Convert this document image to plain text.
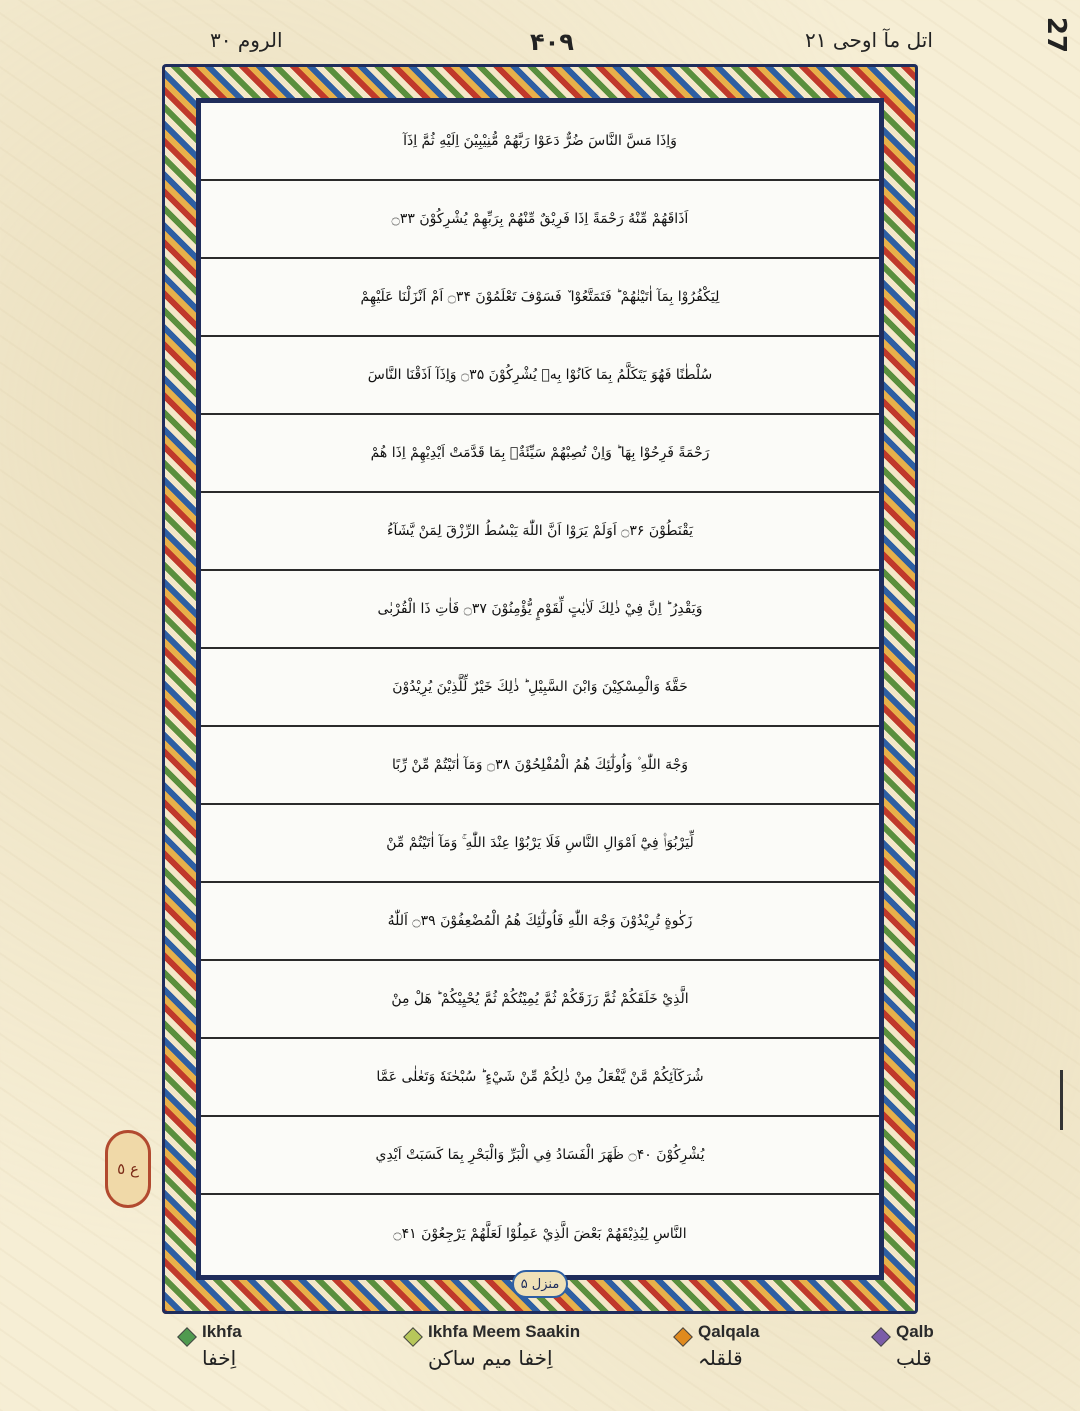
الروم ۳۰	۴۰۹	اتل مآ اوحی ۲۱	27
وَاِذَا مَسَّ النَّاسَ ضُرٌّ دَعَوْا رَبَّهُمْ مُّنِيْبِيْنَ اِلَيْهِ ثُمَّ اِذَآ
اَذَاقَهُمْ مِّنْهُ رَحْمَةً اِذَا فَرِيْقٌ مِّنْهُمْ بِرَبِّهِمْ يُشْرِكُوْنَ ۝۳۳
لِيَكْفُرُوْا بِمَآ اٰتَيْنٰهُمْ ؕ فَتَمَتَّعُوْا ٚ فَسَوْفَ تَعْلَمُوْنَ ۝۳۴ اَمْ اَنْزَلْنَا عَلَيْهِمْ
سُلْطٰنًا فَهُوَ يَتَكَلَّمُ بِمَا كَانُوْا بِهٖ يُشْرِكُوْنَ ۝۳۵ وَاِذَآ اَذَقْنَا النَّاسَ
رَحْمَةً فَرِحُوْا بِهَا ؕ وَاِنْ تُصِبْهُمْ سَيِّئَةٌۢ بِمَا قَدَّمَتْ اَيْدِيْهِمْ اِذَا هُمْ
يَقْنَطُوْنَ ۝۳۶ اَوَلَمْ يَرَوْا اَنَّ اللّٰهَ يَبْسُطُ الرِّزْقَ لِمَنْ يَّشَآءُ
وَيَقْدِرُ ؕ اِنَّ فِيْ ذٰلِكَ لَاٰيٰتٍ لِّقَوْمٍ يُّؤْمِنُوْنَ ۝۳۷ فَاٰتِ ذَا الْقُرْبٰى
حَقَّهٗ وَالْمِسْكِيْنَ وَابْنَ السَّبِيْلِ ؕ ذٰلِكَ خَيْرٌ لِّلَّذِيْنَ يُرِيْدُوْنَ
وَجْهَ اللّٰهِ ۫ وَاُولٰٓئِكَ هُمُ الْمُفْلِحُوْنَ ۝۳۸ وَمَآ اٰتَيْتُمْ مِّنْ رِّبًا
لِّيَرْبُوَا۠ فِيْٓ اَمْوَالِ النَّاسِ فَلَا يَرْبُوْا عِنْدَ اللّٰهِ ۚ وَمَآ اٰتَيْتُمْ مِّنْ
زَكٰوةٍ تُرِيْدُوْنَ وَجْهَ اللّٰهِ فَاُولٰٓئِكَ هُمُ الْمُضْعِفُوْنَ ۝۳۹ اَللّٰهُ
الَّذِيْ خَلَقَكُمْ ثُمَّ رَزَقَكُمْ ثُمَّ يُمِيْتُكُمْ ثُمَّ يُحْيِيْكُمْ ؕ هَلْ مِنْ
شُرَكَآئِكُمْ مَّنْ يَّفْعَلُ مِنْ ذٰلِكُمْ مِّنْ شَيْءٍ ؕ سُبْحٰنَهٗ وَتَعٰلٰى عَمَّا
يُشْرِكُوْنَ ۝۴۰ ظَهَرَ الْفَسَادُ فِي الْبَرِّ وَالْبَحْرِ بِمَا كَسَبَتْ اَيْدِي
النَّاسِ لِيُذِيْقَهُمْ بَعْضَ الَّذِيْ عَمِلُوْا لَعَلَّهُمْ يَرْجِعُوْنَ ۝۴۱
ع ٥
منزل ۵
Ikhfa
اِخفا
Ikhfa Meem Saakin
اِخفا میم ساکن
Qalqala
قلقلہ
Qalb
قلب
